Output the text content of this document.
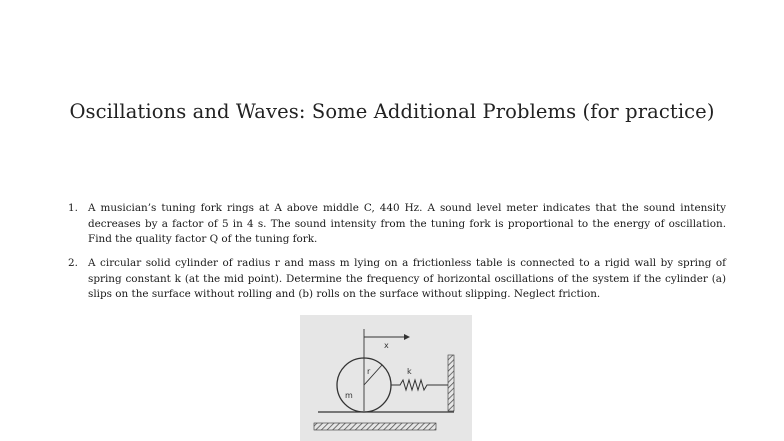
Oscillations and Waves: Some Additional Problems (for practice)
1. A musician’s tuning fork rings at A above middle C, 440 Hz. A sound level meter indicates that the sound intensity decreases by a factor of 5 in 4 s. The sound intensity from the tuning fork is proportional to the energy of oscillation. Find the quality factor Q of the tuning fork.
2. A circular solid cylinder of radius r and mass m lying on a frictionless table is connected to a rigid wall by spring of spring constant k (at the mid point). Determine the frequency of horizontal oscillations of the system if the cylinder (a) slips on the surface without rolling and (b) rolls on the surface without slipping. Neglect friction.
x
r
m
k
